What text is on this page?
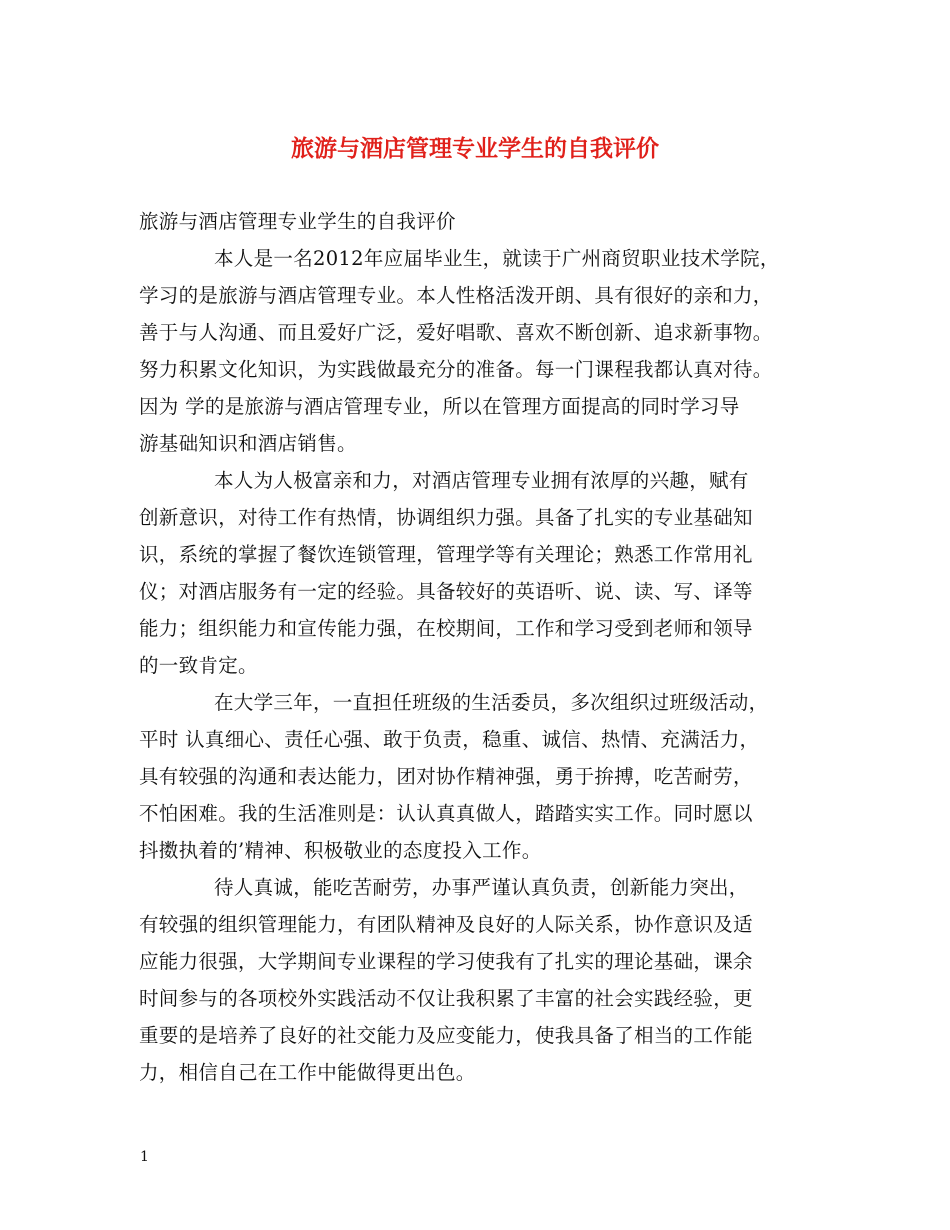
旅游与酒店管理专业学生的自我评价
旅游与酒店管理专业学生的自我评价
本人是一名2012年应届毕业生，就读于广州商贸职业技术学院，
学习的是旅游与酒店管理专业。本人性格活泼开朗、具有很好的亲和力，
善于与人沟通、而且爱好广泛，爱好唱歌、喜欢不断创新、追求新事物。
努力积累文化知识，为实践做最充分的准备。每一门课程我都认真对待。
因为 学的是旅游与酒店管理专业，所以在管理方面提高的同时学习导
游基础知识和酒店销售。
本人为人极富亲和力，对酒店管理专业拥有浓厚的兴趣，赋有
创新意识，对待工作有热情，协调组织力强。具备了扎实的专业基础知
识，系统的掌握了餐饮连锁管理，管理学等有关理论；熟悉工作常用礼
仪；对酒店服务有一定的经验。具备较好的英语听、说、读、写、译等
能力；组织能力和宣传能力强，在校期间，工作和学习受到老师和领导
的一致肯定。
在大学三年，一直担任班级的生活委员，多次组织过班级活动，
平时 认真细心、责任心强、敢于负责，稳重、诚信、热情、充满活力，
具有较强的沟通和表达能力，团对协作精神强，勇于拚搏，吃苦耐劳，
不怕困难。我的生活准则是：认认真真做人，踏踏实实工作。同时愿以
抖擞执着的’精神、积极敬业的态度投入工作。
待人真诚，能吃苦耐劳，办事严谨认真负责，创新能力突出，
有较强的组织管理能力，有团队精神及良好的人际关系，协作意识及适
应能力很强，大学期间专业课程的学习使我有了扎实的理论基础，课余
时间参与的各项校外实践活动不仅让我积累了丰富的社会实践经验，更
重要的是培养了良好的社交能力及应变能力，使我具备了相当的工作能
力，相信自己在工作中能做得更出色。
1
